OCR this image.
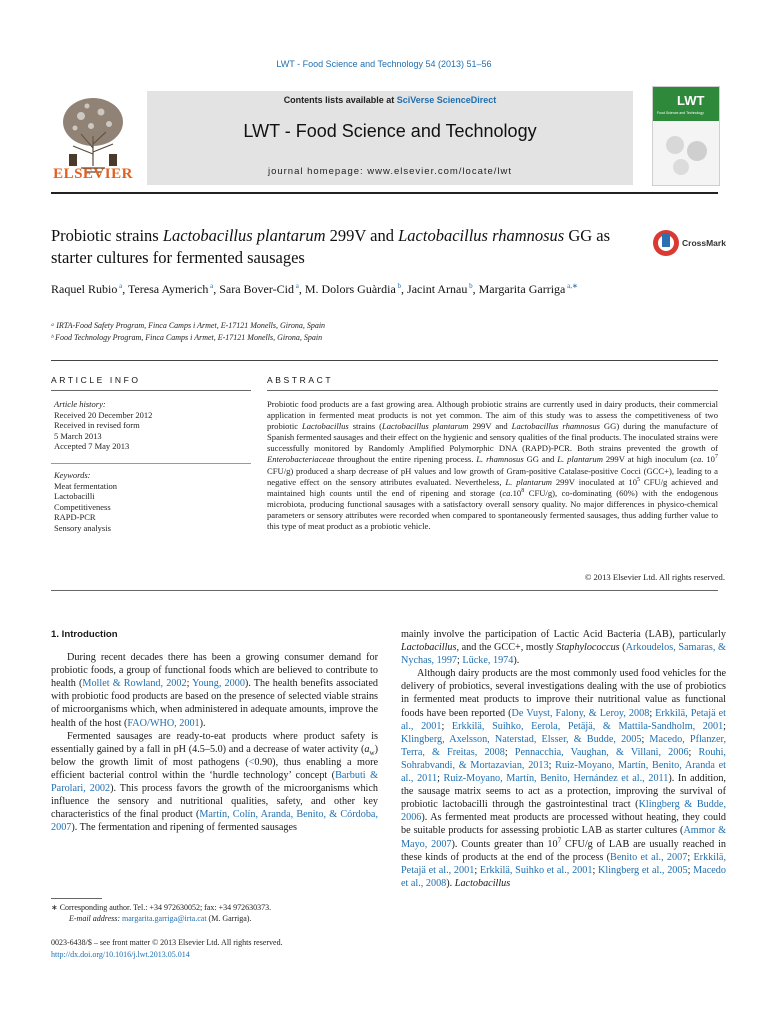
LWT - Food Science and Technology 54 (2013) 51–56
ELSEVIER
Contents lists available at SciVerse ScienceDirect
LWT - Food Science and Technology
journal homepage: www.elsevier.com/locate/lwt
LWT
Food Science and Technology
Probiotic strains Lactobacillus plantarum 299V and Lactobacillus rhamnosus GG as starter cultures for fermented sausages
CrossMark
Raquel Rubio $^a$, Teresa Aymerich $^a$, Sara Bover-Cid $^a$, M. Dolors Guàrdia $^b$, Jacint Arnau $^b$, Margarita Garriga $^{a,∗}$
ᵃ IRTA-Food Safety Program, Finca Camps i Armet, E-17121 Monells, Girona, Spain
ᵇ Food Technology Program, Finca Camps i Armet, E-17121 Monells, Girona, Spain
ARTICLE INFO	ABSTRACT
Article history:
Received 20 December 2012
Received in revised form
5 March 2013
Accepted 7 May 2013
Keywords:
Meat fermentation
Lactobacilli
Competitiveness
RAPD-PCR
Sensory analysis
Probiotic food products are a fast growing area. Although probiotic strains are currently used in dairy products, their commercial application in fermented meat products is not yet common. The aim of this study was to assess the competitiveness of two probiotic Lactobacillus strains (Lactobacillus plantarum 299V and Lactobacillus rhamnosus GG) during the manufacture of Spanish fermented sausages and their effect on the hygienic and sensory qualities of the final products. The inoculated strains were successfully monitored by Randomly Amplified Polymorphic DNA (RAPD)-PCR. Both strains prevented the growth of Enterobacteriaceae throughout the entire ripening process. L. rhamnosus GG and L. plantarum 299V at high inoculum (ca. $10^7$ CFU/g) produced a sharp decrease of pH values and low growth of Gram-positive Catalase-positive Cocci (GCC+), leading to a negative effect on the sensory attributes evaluated. Nevertheless, L. plantarum 299V inoculated at $10^5$ CFU/g achieved and maintained high counts until the end of ripening and storage ($ca.10^8$ CFU/g), co-dominating (60%) with the endogenous microbiota, producing functional sausages with a satisfactory overall sensory quality. No major differences in physico-chemical parameters or sensory attributes were recorded when compared to spontaneously fermented sausages, thus adding further value to this type of meat product as a probiotic vehicle.
© 2013 Elsevier Ltd. All rights reserved.
1. Introduction

During recent decades there has been a growing consumer demand for probiotic foods, a group of functional foods which are believed to contribute to health (Mollet & Rowland, 2002; Young, 2000). The health benefits associated with probiotic food products are based on the presence of selected viable strains of microorganisms which, when administered in adequate amounts, improve the health of the host (FAO/WHO, 2001).

Fermented sausages are ready-to-eat products where product safety is essentially gained by a fall in pH (4.5–5.0) and a decrease of water activity $(a_w)$ below the growth limit of most pathogens (<0.90), thus enabling a more efficient bacterial control within the ‘hurdle technology’ concept (Barbuti & Parolari, 2002). This process favors the growth of the microorganisms which influence the sensory and nutritional qualities, safety, and other key characteristics of the final product (Martín, Colín, Aranda, Benito, & Córdoba, 2007). The fermentation and ripening of fermented sausages

mainly involve the participation of Lactic Acid Bacteria (LAB), particularly Lactobacillus, and the GCC+, mostly Staphylococcus (Arkoudelos, Samaras, & Nychas, 1997; Lücke, 1974).

Although dairy products are the most commonly used food vehicles for the delivery of probiotics, several investigations dealing with the use of probiotics in fermented meat products to improve their nutritional value as functional foods have been reported (De Vuyst, Falony, & Leroy, 2008; Erkkilä, Petajä et al., 2001; Erkkilä, Suihko, Eerola, Petäjä, & Mattila-Sandholm, 2001; Klingberg, Axelsson, Naterstad, Elsser, & Budde, 2005; Macedo, Pflanzer, Terra, & Freitas, 2008; Pennacchia, Vaughan, & Villani, 2006; Rouhi, Sohrabvandi, & Mortazavian, 2013; Ruiz-Moyano, Martín, Benito, Aranda et al., 2011; Ruiz-Moyano, Martín, Benito, Hernández et al., 2011). In addition, the sausage matrix seems to act as a protection, improving the survival of probiotic lactobacilli through the gastrointestinal tract (Klingberg & Budde, 2006). As fermented meat products are processed without heating, they could be suitable products for assessing probiotic LAB as starter cultures (Ammor & Mayo, 2007). Counts greater than $10^7$ CFU/g of LAB are usually reached in these kinds of products at the end of the process (Benito et al., 2007; Erkkilä, Petajä et al., 2001; Erkkilä, Suihko et al., 2001; Klingberg et al., 2005; Macedo et al., 2008). Lactobacillus

∗ Corresponding author. Tel.: +34 972630052; fax: +34 972630373.
E-mail address: margarita.garriga@irta.cat (M. Garriga).
0023-6438/$ – see front matter © 2013 Elsevier Ltd. All rights reserved.
http://dx.doi.org/10.1016/j.lwt.2013.05.014
